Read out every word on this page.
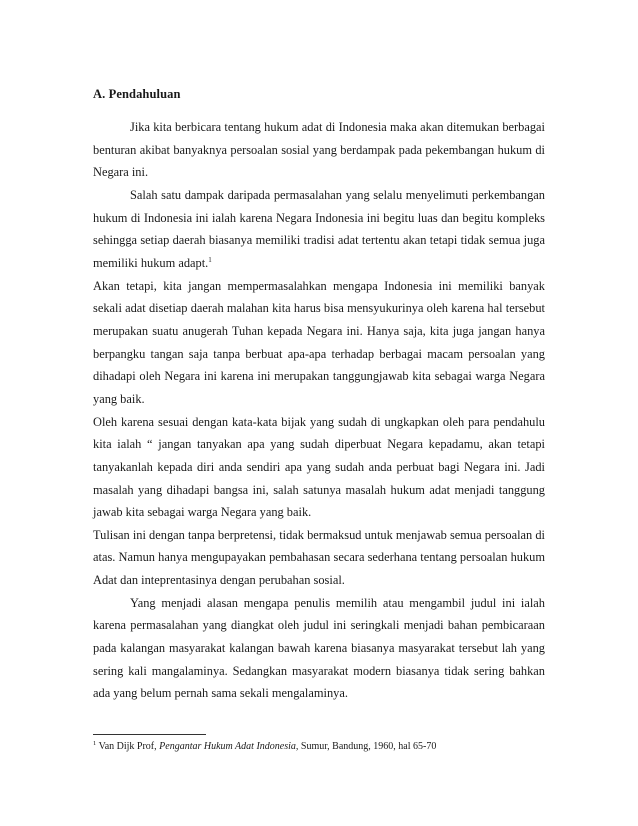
A. Pendahuluan

Jika kita berbicara tentang hukum adat di Indonesia maka akan ditemukan berbagai benturan akibat banyaknya persoalan sosial yang berdampak pada pekembangan hukum di Negara ini.

Salah satu dampak daripada permasalahan yang selalu menyelimuti perkembangan hukum di Indonesia ini ialah karena Negara Indonesia ini begitu luas dan begitu kompleks sehingga setiap daerah biasanya memiliki tradisi adat tertentu akan tetapi tidak semua juga memiliki hukum adapt.$^1$

Akan tetapi, kita jangan mempermasalahkan mengapa Indonesia ini memiliki banyak sekali adat disetiap daerah malahan kita harus bisa mensyukurinya oleh karena hal tersebut merupakan suatu anugerah Tuhan kepada Negara ini. Hanya saja, kita juga jangan hanya berpangku tangan saja tanpa berbuat apa-apa terhadap berbagai macam persoalan yang dihadapi oleh Negara ini karena ini merupakan tanggungjawab kita sebagai warga Negara yang baik.

Oleh karena sesuai dengan kata-kata bijak yang sudah di ungkapkan oleh para pendahulu kita ialah “ jangan tanyakan apa yang sudah diperbuat Negara kepadamu, akan tetapi tanyakanlah kepada diri anda sendiri apa yang sudah anda perbuat bagi Negara ini. Jadi masalah yang dihadapi bangsa ini, salah satunya masalah hukum adat menjadi tanggung jawab kita sebagai warga Negara yang baik.

Tulisan ini dengan tanpa berpretensi, tidak bermaksud untuk menjawab semua persoalan di atas. Namun hanya mengupayakan pembahasan secara sederhana tentang persoalan hukum Adat dan inteprentasinya dengan perubahan sosial.

Yang menjadi alasan mengapa penulis memilih atau mengambil judul ini ialah karena permasalahan yang diangkat oleh judul ini seringkali menjadi bahan pembicaraan pada kalangan masyarakat kalangan bawah karena biasanya masyarakat tersebut lah yang sering kali mangalaminya. Sedangkan masyarakat modern biasanya tidak sering bahkan ada yang belum pernah sama sekali mengalaminya.

$^1$ Van Dijk Prof, Pengantar Hukum Adat Indonesia, Sumur, Bandung, 1960, hal 65-70
